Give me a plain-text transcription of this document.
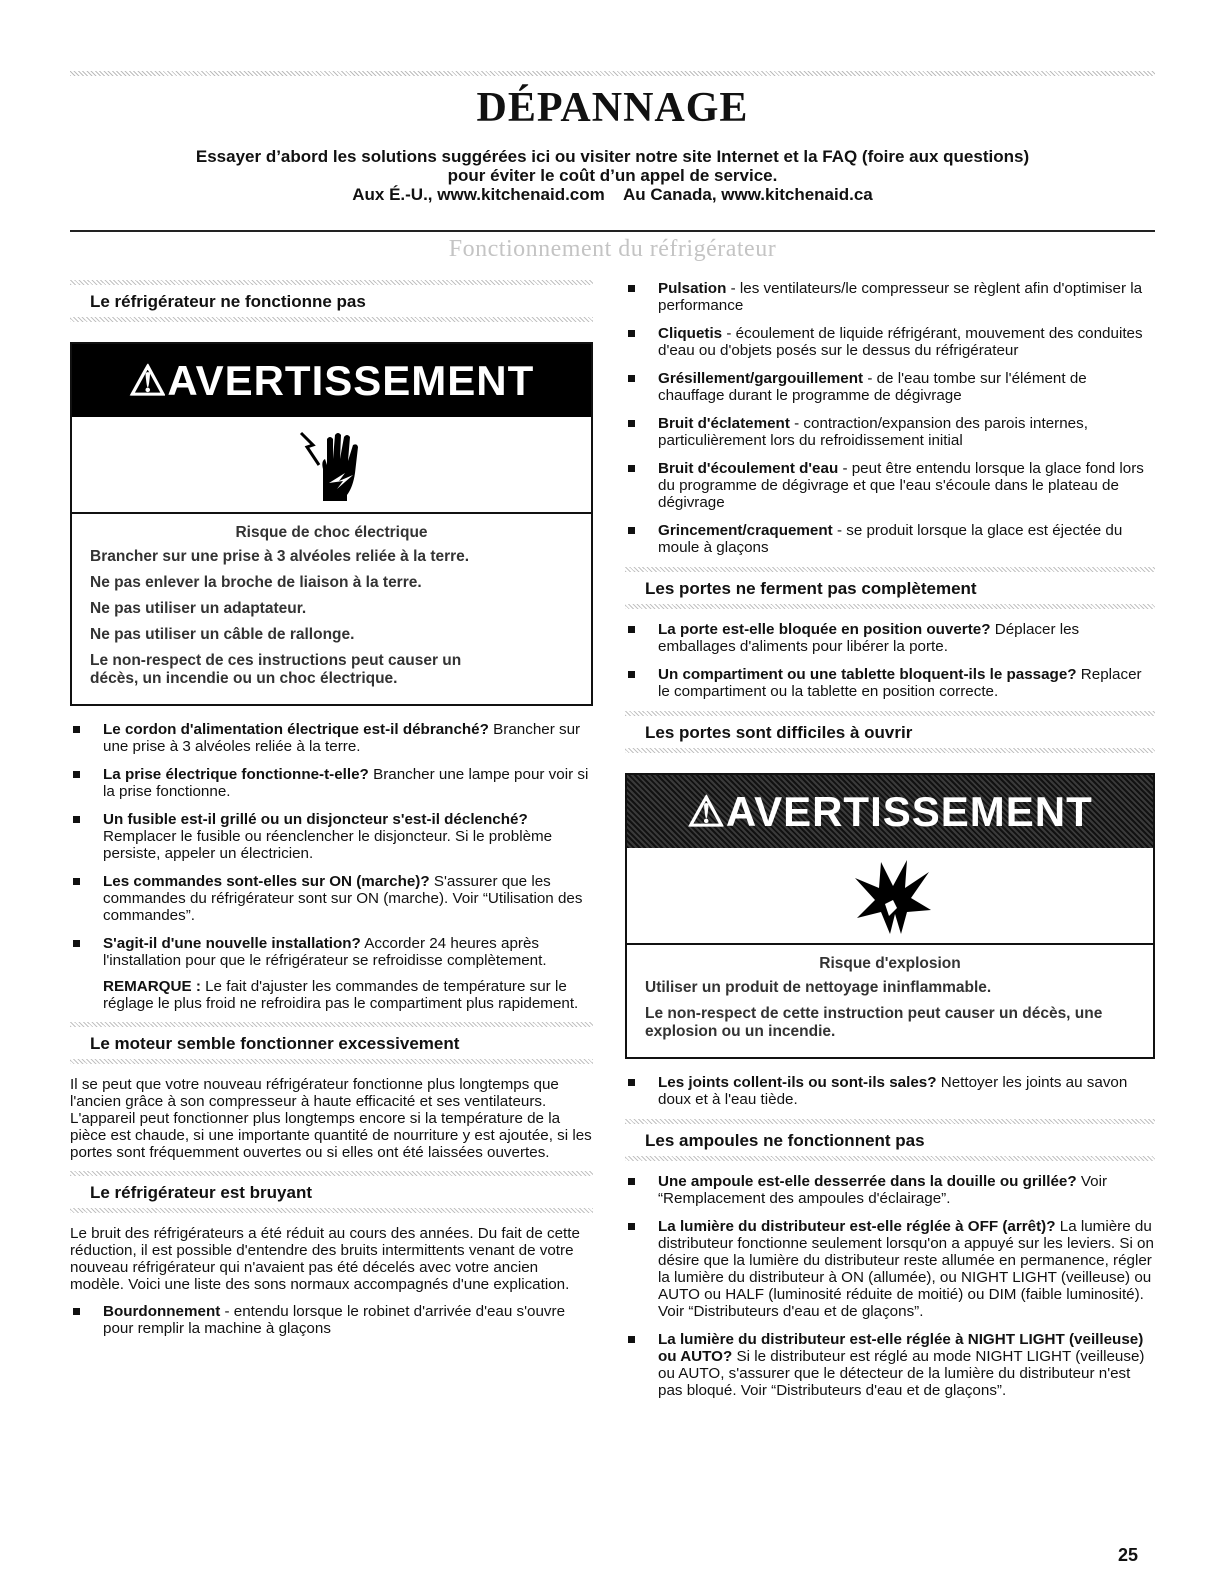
DÉPANNAGE
Essayer d’abord les solutions suggérées ici ou visiter notre site Internet et la FAQ (foire aux questions)
pour éviter le coût d’un appel de service.
Aux É.-U., www.kitchenaid.com    Au Canada, www.kitchenaid.ca
Fonctionnement du réfrigérateur
Le réfrigérateur ne fonctionne pas
⚠AVERTISSEMENT
Risque de choc électrique

Brancher sur une prise à 3 alvéoles reliée à la terre.

Ne pas enlever la broche de liaison à la terre.

Ne pas utiliser un adaptateur.

Ne pas utiliser un câble de rallonge.

Le non-respect de ces instructions peut causer un décès, un incendie ou un choc électrique.

Le cordon d'alimentation électrique est-il débranché? Brancher sur une prise à 3 alvéoles reliée à la terre.
La prise électrique fonctionne-t-elle? Brancher une lampe pour voir si la prise fonctionne.
Un fusible est-il grillé ou un disjoncteur s'est-il déclenché? Remplacer le fusible ou réenclencher le disjoncteur. Si le problème persiste, appeler un électricien.
Les commandes sont-elles sur ON (marche)? S'assurer que les commandes du réfrigérateur sont sur ON (marche). Voir “Utilisation des commandes”.
S'agit-il d'une nouvelle installation? Accorder 24 heures après l'installation pour que le réfrigérateur se refroidisse complètement.
REMARQUE : Le fait d'ajuster les commandes de température sur le réglage le plus froid ne refroidira pas le compartiment plus rapidement.
Le moteur semble fonctionner excessivement

Il se peut que votre nouveau réfrigérateur fonctionne plus longtemps que l'ancien grâce à son compresseur à haute efficacité et ses ventilateurs. L'appareil peut fonctionner plus longtemps encore si la température de la pièce est chaude, si une importante quantité de nourriture y est ajoutée, si les portes sont fréquemment ouvertes ou si elles ont été laissées ouvertes.

Le réfrigérateur est bruyant

Le bruit des réfrigérateurs a été réduit au cours des années. Du fait de cette réduction, il est possible d'entendre des bruits intermittents venant de votre nouveau réfrigérateur qui n'avaient pas été décelés avec votre ancien modèle. Voici une liste des sons normaux accompagnés d'une explication.

Bourdonnement - entendu lorsque le robinet d'arrivée d'eau s'ouvre pour remplir la machine à glaçons
Pulsation - les ventilateurs/le compresseur se règlent afin d'optimiser la performance
Cliquetis - écoulement de liquide réfrigérant, mouvement des conduites d'eau ou d'objets posés sur le dessus du réfrigérateur
Grésillement/gargouillement - de l'eau tombe sur l'élément de chauffage durant le programme de dégivrage
Bruit d'éclatement - contraction/expansion des parois internes, particulièrement lors du refroidissement initial
Bruit d'écoulement d'eau - peut être entendu lorsque la glace fond lors du programme de dégivrage et que l'eau s'écoule dans le plateau de dégivrage
Grincement/craquement - se produit lorsque la glace est éjectée du moule à glaçons
Les portes ne ferment pas complètement
La porte est-elle bloquée en position ouverte? Déplacer les emballages d'aliments pour libérer la porte.
Un compartiment ou une tablette bloquent-ils le passage? Replacer le compartiment ou la tablette en position correcte.
Les portes sont difficiles à ouvrir
⚠AVERTISSEMENT
Risque d'explosion

Utiliser un produit de nettoyage ininflammable.

Le non-respect de cette instruction peut causer un décès, une explosion ou un incendie.

Les joints collent-ils ou sont-ils sales? Nettoyer les joints au savon doux et à l'eau tiède.
Les ampoules ne fonctionnent pas
Une ampoule est-elle desserrée dans la douille ou grillée? Voir “Remplacement des ampoules d'éclairage”.
La lumière du distributeur est-elle réglée à OFF (arrêt)? La lumière du distributeur fonctionne seulement lorsqu'on a appuyé sur les leviers. Si on désire que la lumière du distributeur reste allumée en permanence, régler la lumière du distributeur à ON (allumée), ou NIGHT LIGHT (veilleuse) ou AUTO ou HALF (luminosité réduite de moitié) ou DIM (faible luminosité). Voir “Distributeurs d'eau et de glaçons”.
La lumière du distributeur est-elle réglée à NIGHT LIGHT (veilleuse) ou AUTO? Si le distributeur est réglé au mode NIGHT LIGHT (veilleuse) ou AUTO, s'assurer que le détecteur de la lumière du distributeur n'est pas bloqué. Voir “Distributeurs d'eau et de glaçons”.
25
